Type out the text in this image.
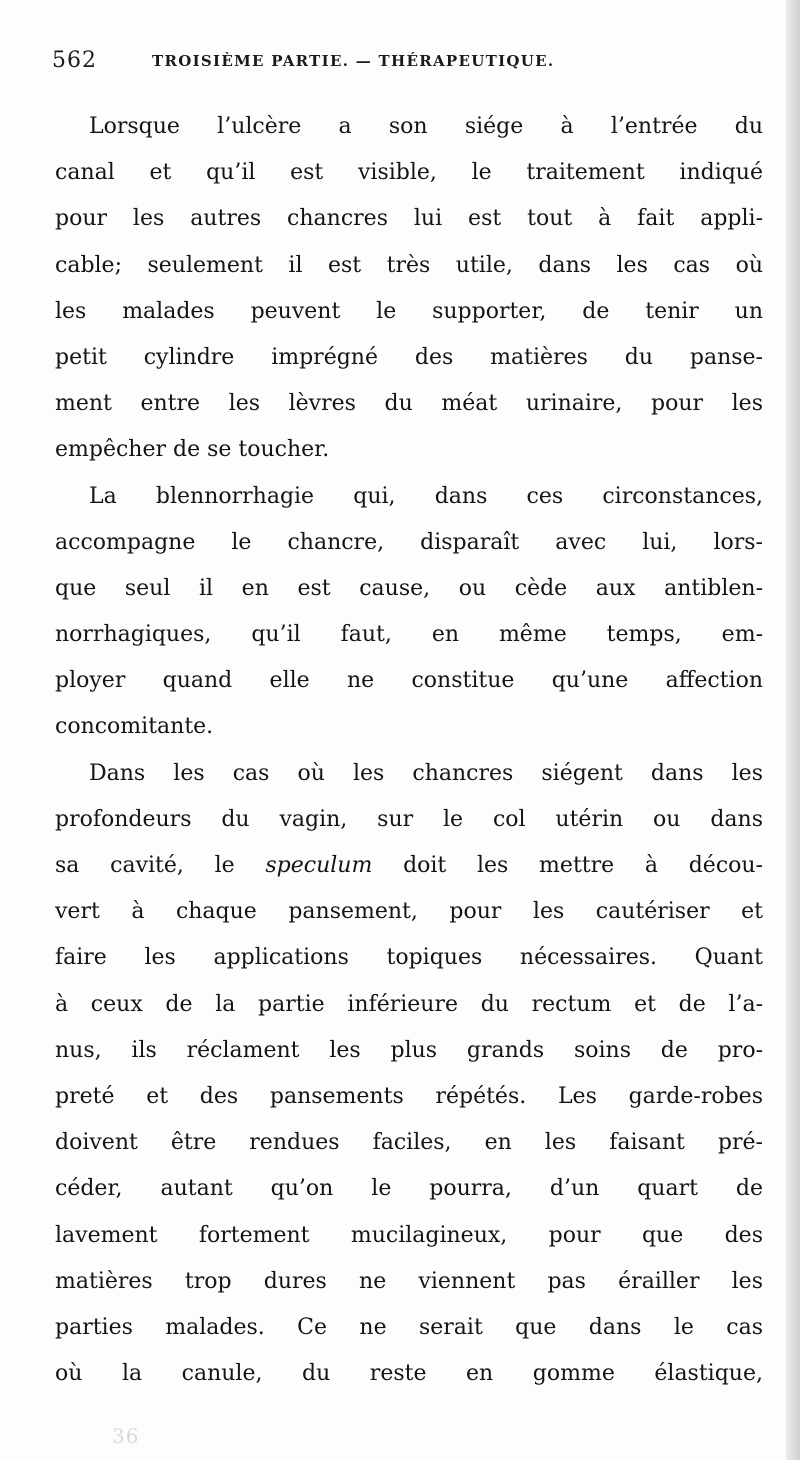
562	TROISIÈME PARTIE. — THÉRAPEUTIQUE.

Lorsque l’ulcère a son siége à l’entrée du
canal et qu’il est visible, le traitement indiqué
pour les autres chancres lui est tout à fait appli-
cable; seulement il est très utile, dans les cas où
les malades peuvent le supporter, de tenir un
petit cylindre imprégné des matières du panse-
ment entre les lèvres du méat urinaire, pour les
empêcher de se toucher.

La blennorrhagie qui, dans ces circonstances,
accompagne le chancre, disparaît avec lui, lors-
que seul il en est cause, ou cède aux antiblen-
norrhagiques, qu’il faut, en même temps, em-
ployer quand elle ne constitue qu’une affection
concomitante.

Dans les cas où les chancres siégent dans les
profondeurs du vagin, sur le col utérin ou dans
sa cavité, le speculum doit les mettre à décou-
vert à chaque pansement, pour les cautériser et
faire les applications topiques nécessaires. Quant
à ceux de la partie inférieure du rectum et de l’a-
nus, ils réclament les plus grands soins de pro-
preté et des pansements répétés. Les garde-robes
doivent être rendues faciles, en les faisant pré-
céder, autant qu’on le pourra, d’un quart de
lavement fortement mucilagineux, pour que des
matières trop dures ne viennent pas érailler les
parties malades. Ce ne serait que dans le cas
où la canule, du reste en gomme élastique,

36
